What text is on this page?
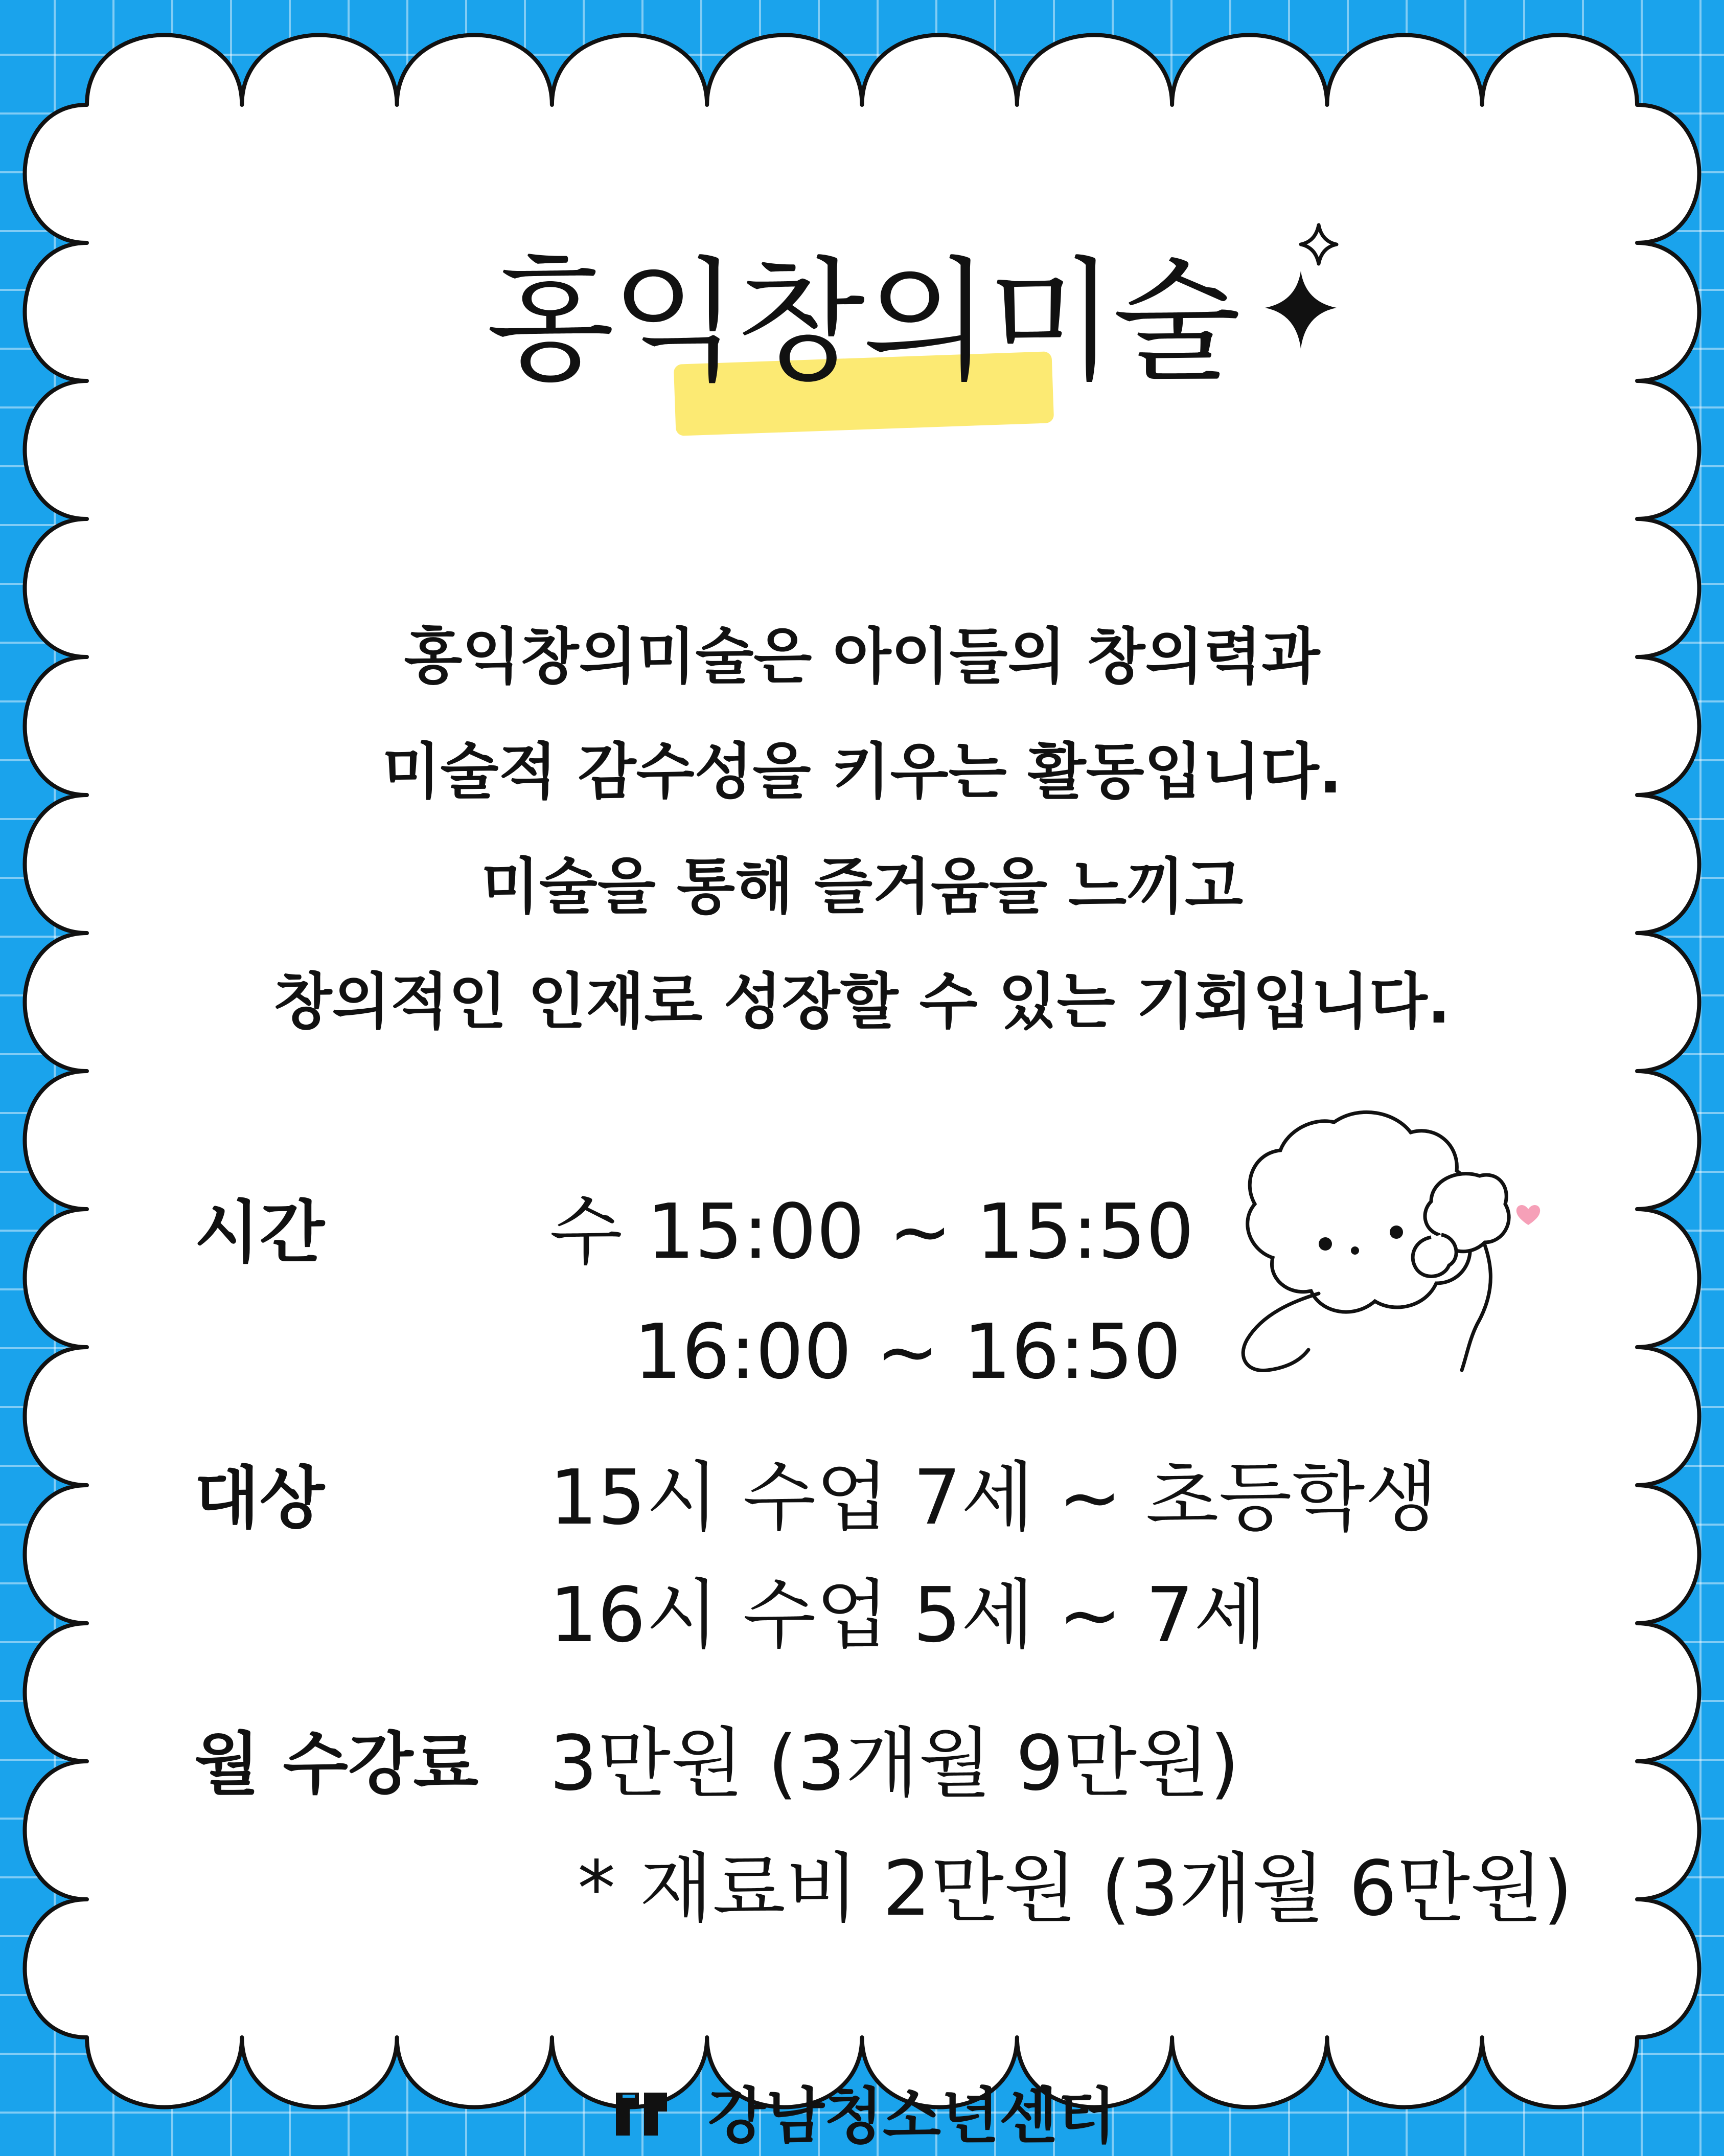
홍익창의미술
홍익창의미술은 아이들의 창의력과
미술적 감수성을 키우는 활동입니다.
미술을 통해 즐거움을 느끼고
창의적인 인재로 성장할 수 있는 기회입니다.
시간	수 15:00 ~ 15:50
16:00 ~ 16:50
대상	15시 수업 7세 ~ 초등학생
16시 수업 5세 ~ 7세
월 수강료 3만원 (3개월 9만원)
* 재료비 2만원 (3개월 6만원)
강남청소년센터
